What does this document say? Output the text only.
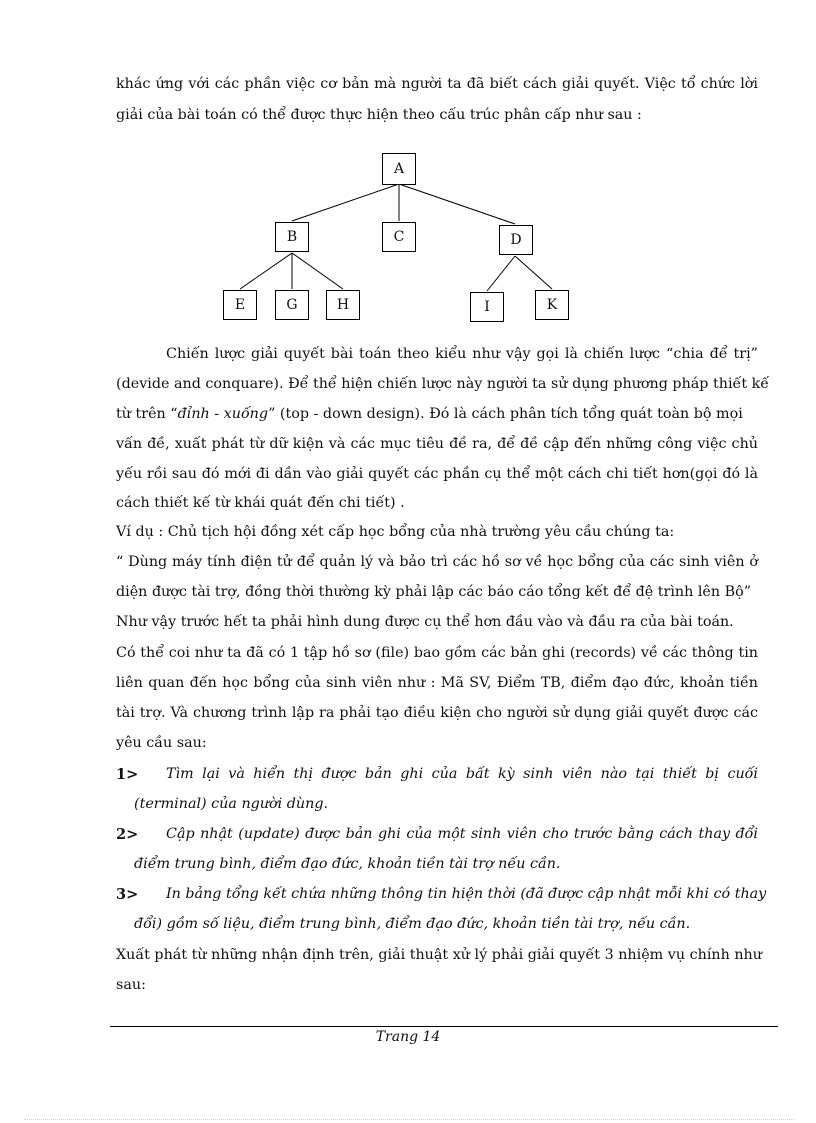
khác ứng với các phần việc cơ bản mà người ta đã biết cách giải quyết. Việc tổ chức lời
giải của bài toán có thể được thực hiện theo cấu trúc phân cấp như sau :
A
B	C	D
E	G	H	I	K
Chiến lược giải quyết bài toán theo kiểu như vậy gọi là chiến lược “chia để trị”
(devide and conquare). Để thể hiện chiến lược này người ta sử dụng phương pháp thiết kế
từ trên “đỉnh - xuống” (top - down design). Đó là cách phân tích tổng quát toàn bộ mọi
vấn đề, xuất phát từ dữ kiện và các mục tiêu đề ra, để đề cập đến những công việc chủ
yếu rồi sau đó mới đi dần vào giải quyết các phần cụ thể một cách chi tiết hơn(gọi đó là
cách thiết kế từ khái quát đến chi tiết) .
Ví dụ : Chủ tịch hội đồng xét cấp học bổng của nhà trường yêu cầu chúng ta:
“ Dùng máy tính điện tử để quản lý và bảo trì các hồ sơ về học bổng của các sinh viên ở
diện được tài trợ, đồng thời thường kỳ phải lập các báo cáo tổng kết để đệ trình lên Bộ”
Như vậy trước hết ta phải hình dung được cụ thể hơn đầu vào và đầu ra của bài toán.
Có thể coi như ta đã có 1 tập hồ sơ (file) bao gồm các bản ghi (records) về các thông tin
liên quan đến học bổng của sinh viên như : Mã SV, Điểm TB, điểm đạo đức, khoản tiền
tài trợ. Và chương trình lập ra phải tạo điều kiện cho người sử dụng giải quyết được các
yêu cầu sau:
1> Tìm lại và hiển thị được bản ghi của bất kỳ sinh viên nào tại thiết bị cuối
(terminal) của người dùng.
2> Cập nhật (update) được bản ghi của một sinh viên cho trước bằng cách thay đổi
điểm trung bình, điểm đạo đức, khoản tiền tài trợ nếu cần.
3> In bảng tổng kết chứa những thông tin hiện thời (đã được cập nhật mỗi khi có thay
đổi) gồm số liệu, điểm trung bình, điểm đạo đức, khoản tiền tài trợ, nếu cần.
Xuất phát từ những nhận định trên, giải thuật xử lý phải giải quyết 3 nhiệm vụ chính như
sau:
Trang 14
